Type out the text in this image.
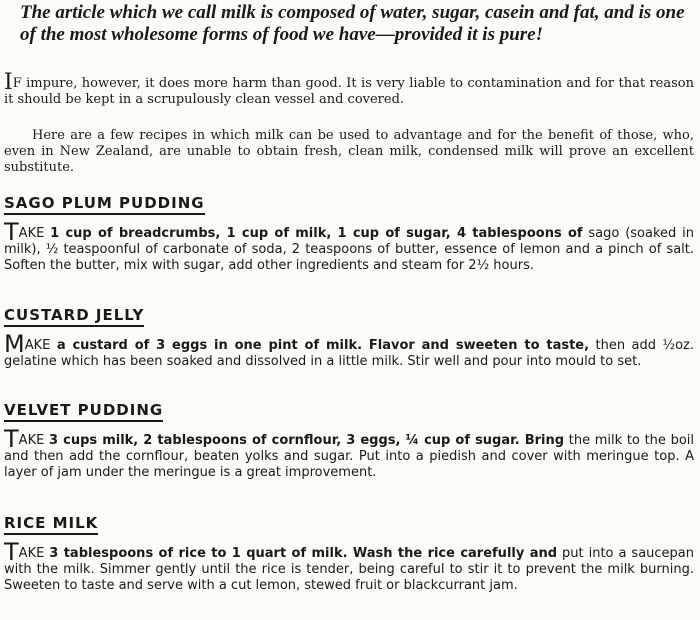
The article which we call milk is composed of water, sugar, casein and fat, and is one of the most wholesome forms of food we have—provided it is pure!

IF impure, however, it does more harm than good. It is very liable to contamination and for that reason it should be kept in a scrupulously clean vessel and covered.

Here are a few recipes in which milk can be used to advantage and for the benefit of those, who, even in New Zealand, are unable to obtain fresh, clean milk, condensed milk will prove an excellent substitute.

SAGO PLUM PUDDING

TAKE 1 cup of breadcrumbs, 1 cup of milk, 1 cup of sugar, 4 tablespoons of sago (soaked in milk), ½ teaspoonful of carbonate of soda, 2 teaspoons of butter, essence of lemon and a pinch of salt. Soften the butter, mix with sugar, add other ingredients and steam for 2½ hours.

CUSTARD JELLY

MAKE a custard of 3 eggs in one pint of milk. Flavor and sweeten to taste, then add ½oz. gelatine which has been soaked and dissolved in a little milk. Stir well and pour into mould to set.

VELVET PUDDING

TAKE 3 cups milk, 2 tablespoons of cornflour, 3 eggs, ¼ cup of sugar. Bring the milk to the boil and then add the cornflour, beaten yolks and sugar. Put into a piedish and cover with meringue top. A layer of jam under the meringue is a great improvement.

RICE MILK

TAKE 3 tablespoons of rice to 1 quart of milk. Wash the rice carefully and put into a saucepan with the milk. Simmer gently until the rice is tender, being careful to stir it to prevent the milk burning. Sweeten to taste and serve with a cut lemon, stewed fruit or blackcurrant jam.
